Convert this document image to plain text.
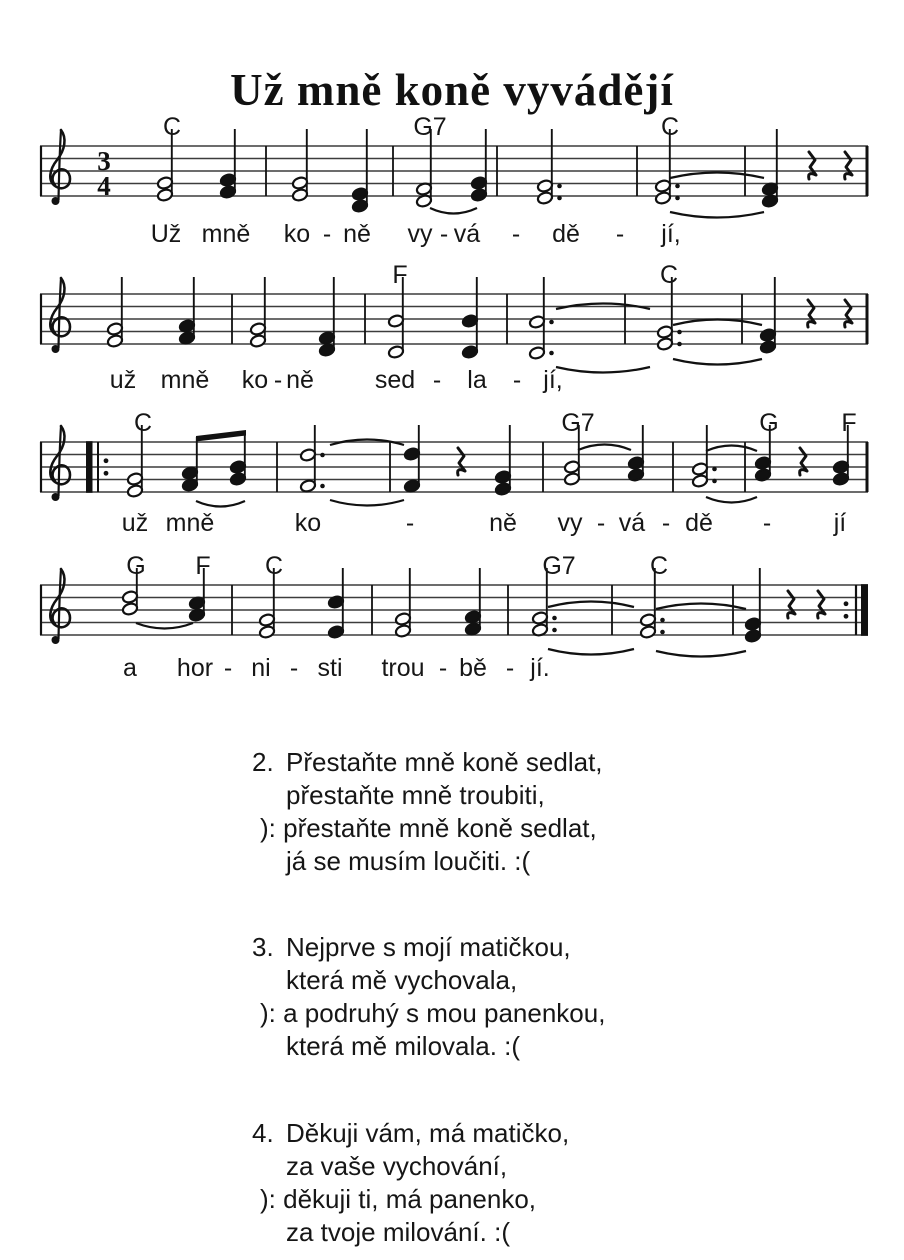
Už mně koně vyvádějí
3
4
C	G7	C
Už mně ko - ně vy - vá - dě - jí,
F	C
už mně ko - ně sed - la - jí,
C	G7	G	F
už mně	ko	-	ně vy - vá - dě -	jí
G F C	G7	C
a hor - ni - sti trou - bě - jí.
2. Přestaňte mně koně sedlat,
přestaňte mně troubiti,
): přestaňte mně koně sedlat,
já se musím loučiti. :(
3. Nejprve s mojí matičkou,
která mě vychovala,
): a podruhý s mou panenkou,
která mě milovala. :(
4. Děkuji vám, má matičko,
za vaše vychování,
): děkuji ti, má panenko,
za tvoje milování. :(
